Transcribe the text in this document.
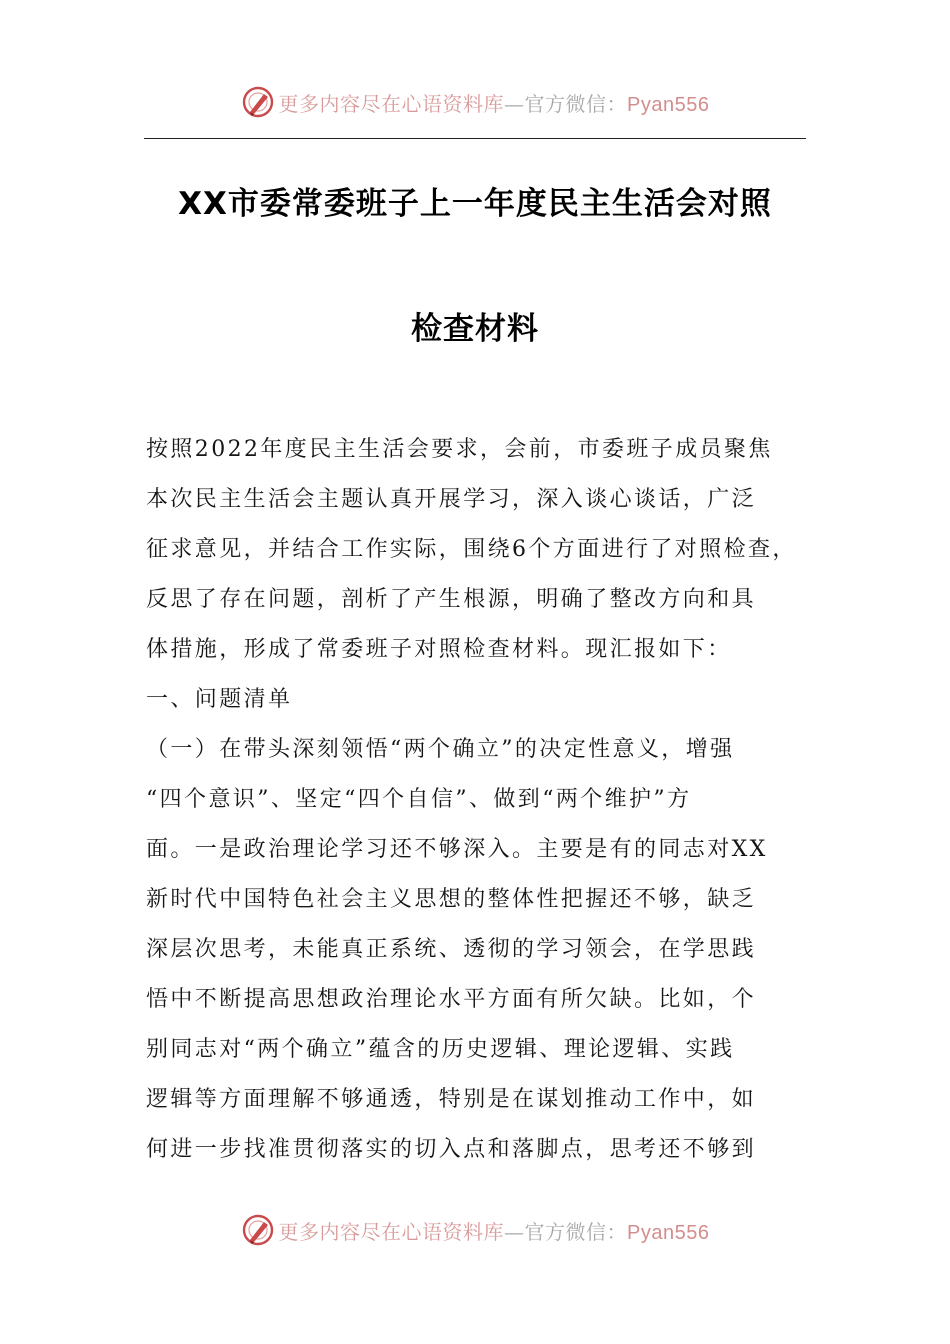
更多内容尽在心语资料库—官方微信：Pyan556
XX市委常委班子上一年度民主生活会对照
检查材料
按照2022年度民主生活会要求，会前，市委班子成员聚焦
本次民主生活会主题认真开展学习，深入谈心谈话，广泛
征求意见，并结合工作实际，围绕6个方面进行了对照检查，
反思了存在问题，剖析了产生根源，明确了整改方向和具
体措施，形成了常委班子对照检查材料。现汇报如下：
一、问题清单
（一）在带头深刻领悟“两个确立”的决定性意义，增强
“四个意识”、坚定“四个自信”、做到“两个维护”方
面。一是政治理论学习还不够深入。主要是有的同志对XX
新时代中国特色社会主义思想的整体性把握还不够，缺乏
深层次思考，未能真正系统、透彻的学习领会，在学思践
悟中不断提高思想政治理论水平方面有所欠缺。比如，个
别同志对“两个确立”蕴含的历史逻辑、理论逻辑、实践
逻辑等方面理解不够通透，特别是在谋划推动工作中，如
何进一步找准贯彻落实的切入点和落脚点，思考还不够到
更多内容尽在心语资料库—官方微信：Pyan556
